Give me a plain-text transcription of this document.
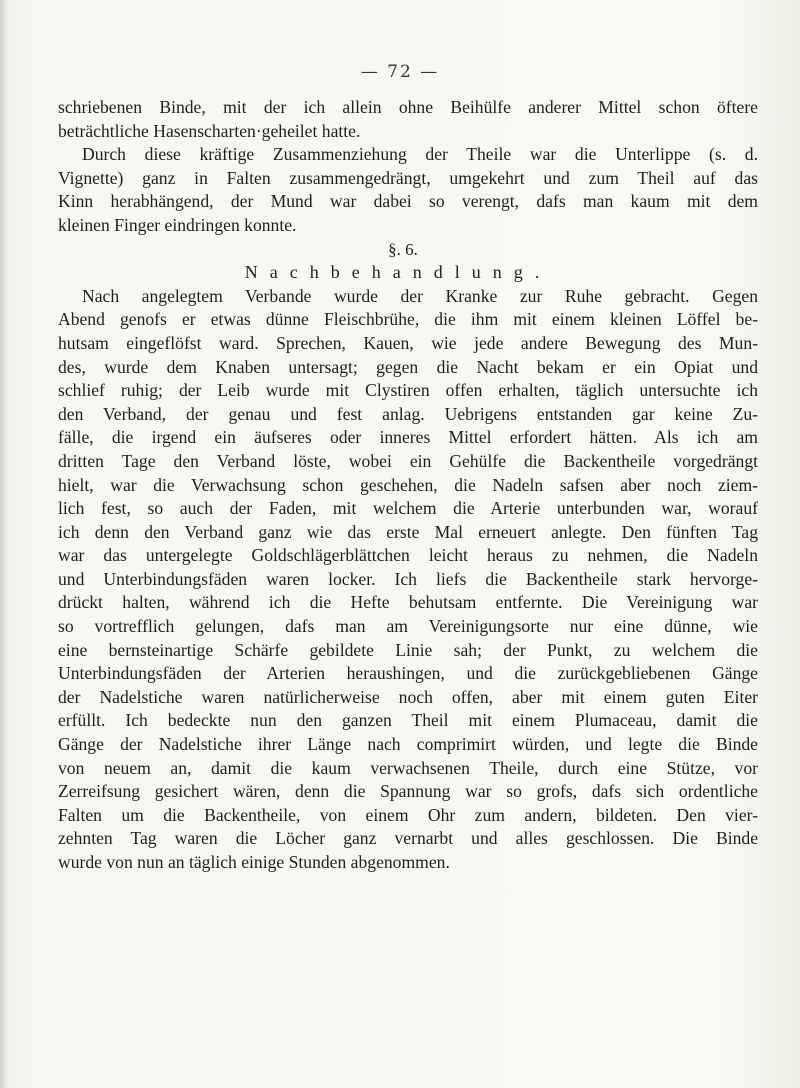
— 72 —
schriebenen Binde, mit der ich allein ohne Beihülfe anderer Mittel schon öftere
beträchtliche Hasenscharten·geheilet hatte.
Durch diese kräftige Zusammenziehung der Theile war die Unterlippe (s. d.
Vignette) ganz in Falten zusammengedrängt, umgekehrt und zum Theil auf das
Kinn herabhängend, der Mund war dabei so verengt, dafs man kaum mit dem
kleinen Finger eindringen konnte.
§. 6.
Nachbehandlung.
Nach angelegtem Verbande wurde der Kranke zur Ruhe gebracht. Gegen
Abend genofs er etwas dünne Fleischbrühe, die ihm mit einem kleinen Löffel be-
hutsam eingeflöfst ward. Sprechen, Kauen, wie jede andere Bewegung des Mun-
des, wurde dem Knaben untersagt; gegen die Nacht bekam er ein Opiat und
schlief ruhig; der Leib wurde mit Clystiren offen erhalten, täglich untersuchte ich
den Verband, der genau und fest anlag. Uebrigens entstanden gar keine Zu-
fälle, die irgend ein äufseres oder inneres Mittel erfordert hätten. Als ich am
dritten Tage den Verband löste, wobei ein Gehülfe die Backentheile vorgedrängt
hielt, war die Verwachsung schon geschehen, die Nadeln safsen aber noch ziem-
lich fest, so auch der Faden, mit welchem die Arterie unterbunden war, worauf
ich denn den Verband ganz wie das erste Mal erneuert anlegte. Den fünften Tag
war das untergelegte Goldschlägerblättchen leicht heraus zu nehmen, die Nadeln
und Unterbindungsfäden waren locker. Ich liefs die Backentheile stark hervorge-
drückt halten, während ich die Hefte behutsam entfernte. Die Vereinigung war
so vortrefflich gelungen, dafs man am Vereinigungsorte nur eine dünne, wie
eine bernsteinartige Schärfe gebildete Linie sah; der Punkt, zu welchem die
Unterbindungsfäden der Arterien heraushingen, und die zurückgebliebenen Gänge
der Nadelstiche waren natürlicherweise noch offen, aber mit einem guten Eiter
erfüllt. Ich bedeckte nun den ganzen Theil mit einem Plumaceau, damit die
Gänge der Nadelstiche ihrer Länge nach comprimirt würden, und legte die Binde
von neuem an, damit die kaum verwachsenen Theile, durch eine Stütze, vor
Zerreifsung gesichert wären, denn die Spannung war so grofs, dafs sich ordentliche
Falten um die Backentheile, von einem Ohr zum andern, bildeten. Den vier-
zehnten Tag waren die Löcher ganz vernarbt und alles geschlossen. Die Binde
wurde von nun an täglich einige Stunden abgenommen.
